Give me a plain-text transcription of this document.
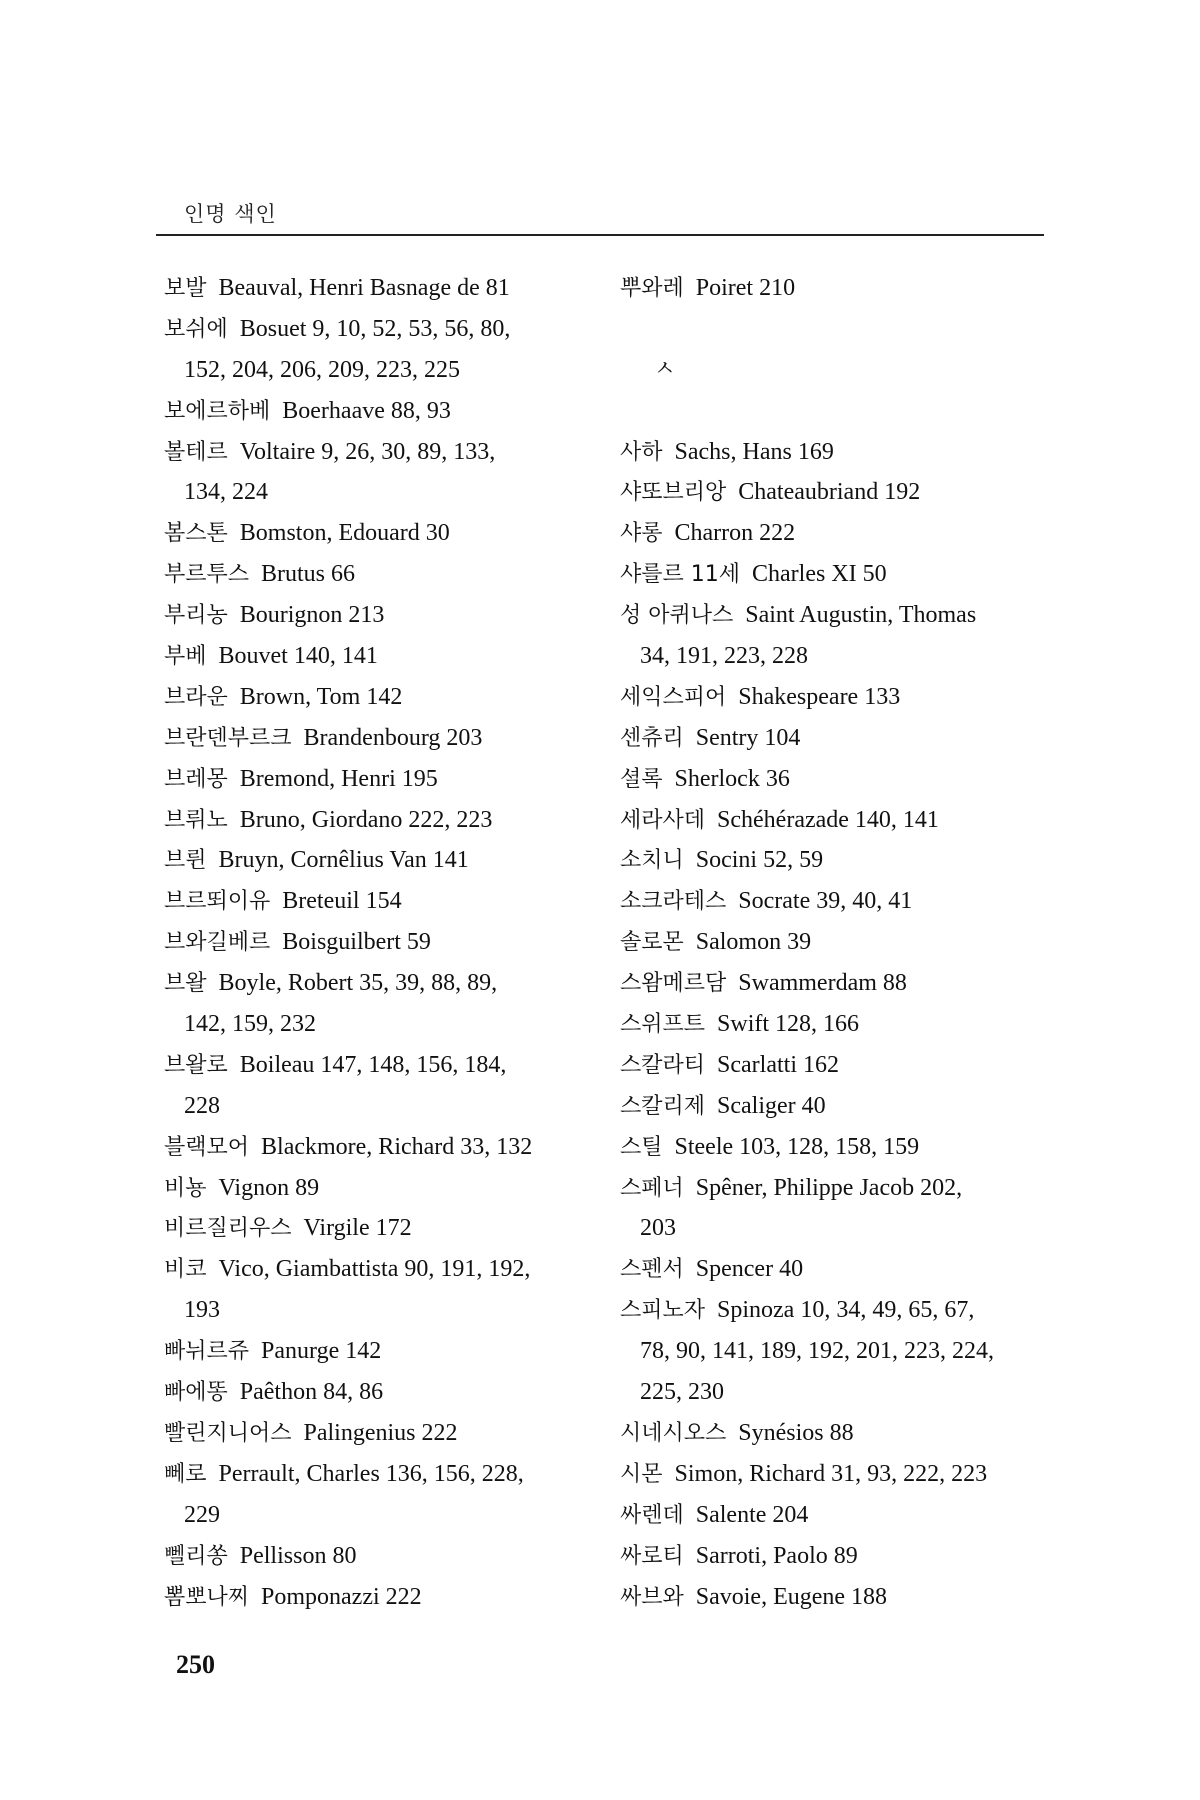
인명 색인
보발 Beauval, Henri Basnage de 81
보쉬에 Bosuet 9, 10, 52, 53, 56, 80,
152, 204, 206, 209, 223, 225
보에르하베 Boerhaave 88, 93
볼테르 Voltaire 9, 26, 30, 89, 133,
134, 224
봄스톤 Bomston, Edouard 30
부르투스 Brutus 66
부리농 Bourignon 213
부베 Bouvet 140, 141
브라운 Brown, Tom 142
브란덴부르크 Brandenbourg 203
브레몽 Bremond, Henri 195
브뤼노 Bruno, Giordano 222, 223
브륀 Bruyn, Cornêlius Van 141
브르뙤이유 Breteuil 154
브와길베르 Boisguilbert 59
브왈 Boyle, Robert 35, 39, 88, 89,
142, 159, 232
브왈로 Boileau 147, 148, 156, 184,
228
블랙모어 Blackmore, Richard 33, 132
비뇽 Vignon 89
비르질리우스 Virgile 172
비코 Vico, Giambattista 90, 191, 192,
193
빠뉘르쥬 Panurge 142
빠에똥 Paêthon 84, 86
빨린지니어스 Palingenius 222
뻬로 Perrault, Charles 136, 156, 228,
229
뻴리쏭 Pellisson 80
뽐뽀나찌 Pomponazzi 222
뿌와레 Poiret 210
ㅅ
사하 Sachs, Hans 169
샤또브리앙 Chateaubriand 192
샤롱 Charron 222
샤를르 11세 Charles XI 50
성 아퀴나스 Saint Augustin, Thomas
34, 191, 223, 228
세익스피어 Shakespeare 133
센츄리 Sentry 104
셜록 Sherlock 36
세라사데 Schéhérazade 140, 141
소치니 Socini 52, 59
소크라테스 Socrate 39, 40, 41
솔로몬 Salomon 39
스왐메르담 Swammerdam 88
스위프트 Swift 128, 166
스칼라티 Scarlatti 162
스칼리제 Scaliger 40
스틸 Steele 103, 128, 158, 159
스페너 Spêner, Philippe Jacob 202,
203
스펜서 Spencer 40
스피노자 Spinoza 10, 34, 49, 65, 67,
78, 90, 141, 189, 192, 201, 223, 224,
225, 230
시네시오스 Synésios 88
시몬 Simon, Richard 31, 93, 222, 223
싸렌데 Salente 204
싸로티 Sarroti, Paolo 89
싸브와 Savoie, Eugene 188
250
